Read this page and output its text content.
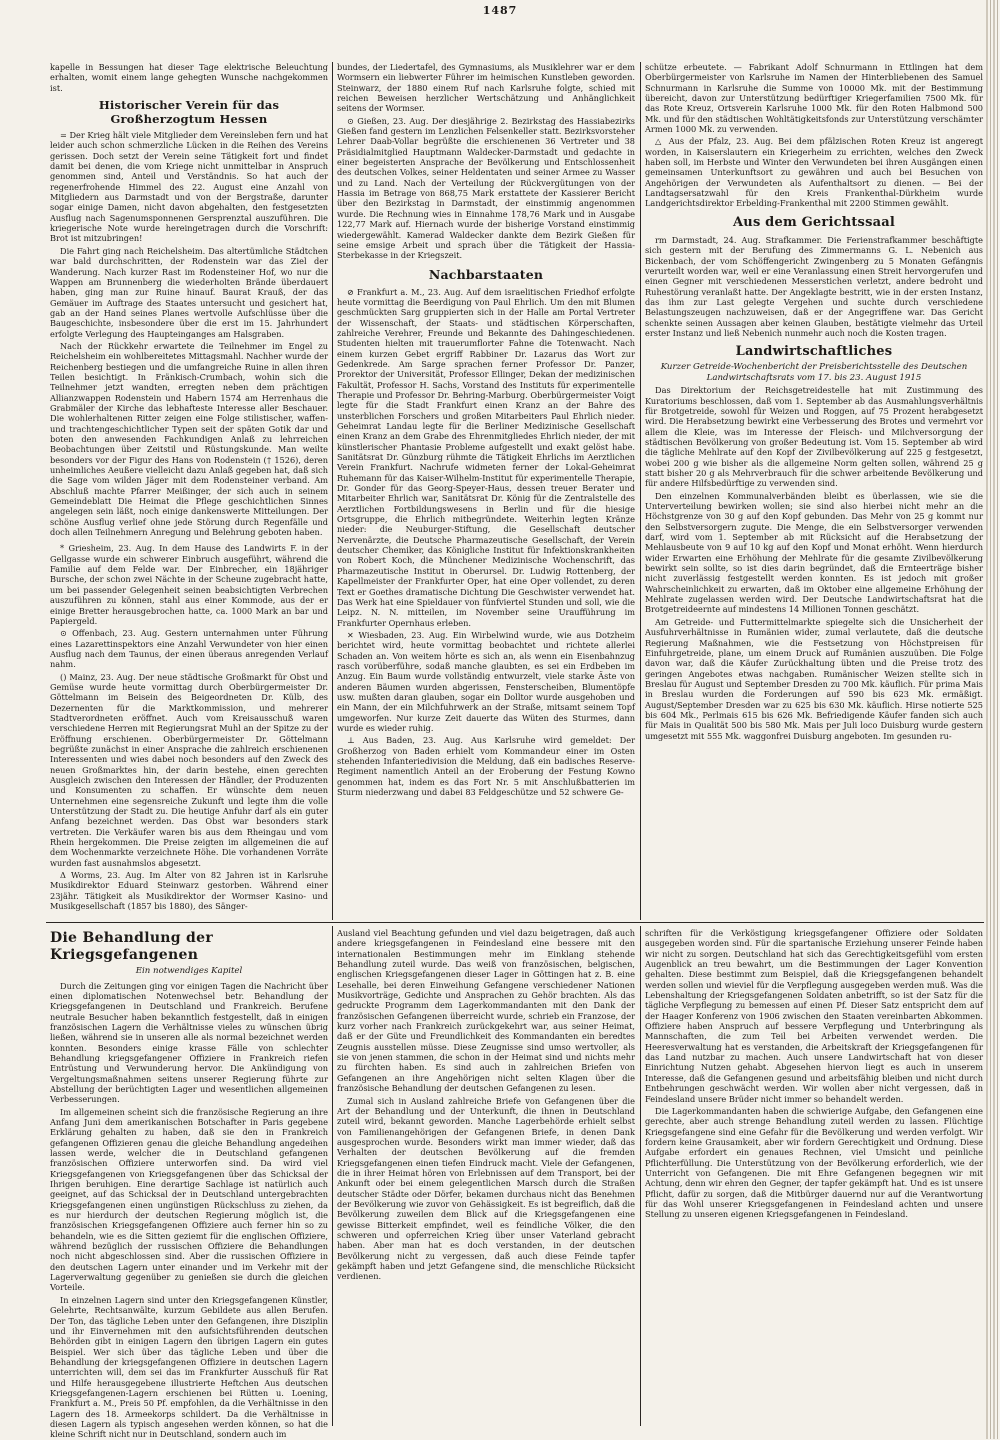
1487

kapelle in Bessungen hat dieser Tage elektrische Beleuchtung erhalten, womit einem lange gehegten Wunsche nachgekommen ist.

Historischer Verein für das Großherzogtum Hessen

= Der Krieg hält viele Mitglieder dem Vereinsleben fern und hat leider auch schon schmerzliche Lücken in die Reihen des Vereins gerissen. Doch setzt der Verein seine Tätigkeit fort und findet damit bei denen, die vom Kriege nicht unmittelbar in Anspruch genommen sind, Anteil und Verständnis. So hat auch der regenerfrohende Himmel des 22. August eine Anzahl von Mitgliedern aus Darmstadt und von der Bergstraße, darunter sogar einige Damen, nicht davon abgehalten, den festgesetzten Ausflug nach Sagenumsponnenen Gersprenztal auszuführen. Die kriegerische Note wurde hereingetragen durch die Vorschrift: Brot ist mitzubringen!

Die Fahrt ging nach Reichelsheim. Das altertümliche Städtchen war bald durchschritten, der Rodenstein war das Ziel der Wanderung. Nach kurzer Rast im Rodensteiner Hof, wo nur die Wappen am Brunnenberg die wiederholten Brände überdauert haben, ging man zur Ruine hinauf. Baurat Krauß, der das Gemäuer im Auftrage des Staates untersucht und gesichert hat, gab an der Hand seines Planes wertvolle Aufschlüsse über die Baugeschichte, insbesondere über die erst im 15. Jahrhundert erfolgte Verlegung des Haupteinganges am Halsgraben.

Nach der Rückkehr erwartete die Teilnehmer im Engel zu Reichelsheim ein wohlbereitetes Mittagsmahl. Nachher wurde der Reichenberg bestiegen und die umfangreiche Ruine in allen ihren Teilen besichtigt. In Fränkisch-Crumbach, wohin sich die Teilnehmer jetzt wandten, erregten neben dem prächtigen Allianzwappen Rodenstein und Habern 1574 am Herrenhaus die Grabmäler der Kirche das lebhafteste Interesse aller Beschauer. Die wohlerhaltenen Ritter zeigen eine Folge stilistischer, waffen- und trachtengeschichtlicher Typen seit der späten Gotik dar und boten den anwesenden Fachkundigen Anlaß zu lehrreichen Beobachtungen über Zeitstil und Rüstungskunde. Man weilte besonders vor der Figur des Hans von Rodenstein († 1526), deren unheimliches Aeußere vielleicht dazu Anlaß gegeben hat, daß sich die Sage vom wilden Jäger mit dem Rodensteiner verband. Am Abschluß machte Pfarrer Meißinger, der sich auch in seinem Gemeindeblatt Die Heimat die Pflege geschichtlichen Sinnes angelegen sein läßt, noch einige dankenswerte Mitteilungen. Der schöne Ausflug verlief ohne jede Störung durch Regenfälle und doch allen Teilnehmern Anregung und Belehrung geboten haben.

* Griesheim, 23. Aug. In dem Hause des Landwirts F. in der Gellgasse wurde ein schwerer Einbruch ausgeführt, während die Familie auf dem Felde war. Der Einbrecher, ein 18jähriger Bursche, der schon zwei Nächte in der Scheune zugebracht hatte, um bei passender Gelegenheit seinen beabsichtigten Verbrechen auszuführen zu können, stahl aus einer Kommode, aus der er einige Bretter herausgebrochen hatte, ca. 1000 Mark an bar und Papiergeld.

⊙ Offenbach, 23. Aug. Gestern unternahmen unter Führung eines Lazarettinspektors eine Anzahl Verwundeter von hier einen Ausflug nach dem Taunus, der einen überaus anregenden Verlauf nahm.

() Mainz, 23. Aug. Der neue städtische Großmarkt für Obst und Gemüse wurde heute vormittag durch Oberbürgermeister Dr. Göttelmann im Beisein des Beigeordneten Dr. Külb, des Dezernenten für die Marktkommission, und mehrerer Stadtverordneten eröffnet. Auch vom Kreisausschuß waren verschiedene Herren mit Regierungsrat Muhl an der Spitze zu der Eröffnung erschienen. Oberbürgermeister Dr. Göttelmann begrüßte zunächst in einer Ansprache die zahlreich erschienenen Interessenten und wies dabei noch besonders auf den Zweck des neuen Großmarktes hin, der darin bestehe, einen gerechten Ausgleich zwischen den Interessen der Händler, der Produzenten und Konsumenten zu schaffen. Er wünschte dem neuen Unternehmen eine segensreiche Zukunft und legte ihm die volle Unterstützung der Stadt zu. Die heutige Anfuhr darf als ein guter Anfang bezeichnet werden. Das Obst war besonders stark vertreten. Die Verkäufer waren bis aus dem Rheingau und vom Rhein hergekommen. Die Preise zeigten im allgemeinen die auf dem Wochenmarkte verzeichnete Höhe. Die vorhandenen Vorräte wurden fast ausnahmslos abgesetzt.

Δ Worms, 23. Aug. Im Alter von 82 Jahren ist in Karlsruhe Musikdirektor Eduard Steinwarz gestorben. Während einer 23jähr. Tätigkeit als Musikdirektor der Wormser Kasino- und Musikgesellschaft (1857 bis 1880), des Sänger-

bundes, der Liedertafel, des Gymnasiums, als Musiklehrer war er dem Wormsern ein liebwerter Führer im heimischen Kunstleben geworden. Steinwarz, der 1880 einem Ruf nach Karlsruhe folgte, schied mit reichen Beweisen herzlicher Wertschätzung und Anhänglichkeit seitens der Wormser.

⊙ Gießen, 23. Aug. Der diesjährige 2. Bezirkstag des Hassiabezirks Gießen fand gestern im Lenzlichen Felsenkeller statt. Bezirksvorsteher Lehrer Daab-Vollar begrüßte die erschienenen 36 Vertreter und 38 Präsidialmitglied Hauptmann Waldecker-Darmstadt und gedachte in einer begeisterten Ansprache der Bevölkerung und Entschlossenheit des deutschen Volkes, seiner Heldentaten und seiner Armee zu Wasser und zu Land. Nach der Verteilung der Rückvergütungen von der Hassia im Betrage von 868,75 Mark erstattete der Kassierer Bericht über den Bezirkstag in Darmstadt, der einstimmig angenommen wurde. Die Rechnung wies in Einnahme 178,76 Mark und in Ausgabe 122,77 Mark auf. Hiernach wurde der bisherige Vorstand einstimmig wiedergewählt. Kamerad Waldecker dankte dem Bezirk Gießen für seine emsige Arbeit und sprach über die Tätigkeit der Hassia-Sterbekasse in der Kriegszeit.

Nachbarstaaten

⊘ Frankfurt a. M., 23. Aug. Auf dem israelitischen Friedhof erfolgte heute vormittag die Beerdigung von Paul Ehrlich. Um den mit Blumen geschmückten Sarg gruppierten sich in der Halle am Portal Vertreter der Wissenschaft, der Staats- und städtischen Körperschaften, zahlreiche Verehrer, Freunde und Bekannte des Dahingeschiedenen. Studenten hielten mit trauerumflorter Fahne die Totenwacht. Nach einem kurzen Gebet ergriff Rabbiner Dr. Lazarus das Wort zur Gedenkrede. Am Sarge sprachen ferner Professor Dr. Panzer, Prorektor der Universität, Professor Ellinger, Dekan der medizinischen Fakultät, Professor H. Sachs, Vorstand des Instituts für experimentelle Therapie und Professor Dr. Behring-Marburg. Oberbürgermeister Voigt legte für die Stadt Frankfurt einen Kranz an der Bahre des unsterblichen Forschers und großen Mitarbeiters Paul Ehrlich nieder. Geheimrat Landau legte für die Berliner Medizinische Gesellschaft einen Kranz an dem Grabe des Ehrenmitgliedes Ehrlich nieder, der mit künstlerischer Phantasie Probleme aufgestellt und exakt gelöst habe. Sanitätsrat Dr. Günzburg rühmte die Tätigkeit Ehrlichs im Aerztlichen Verein Frankfurt. Nachrufe widmeten ferner der Lokal-Geheimrat Ruhemann für das Kaiser-Wilhelm-Institut für experimentelle Therapie, Dr. Gonder für das Georg-Speyer-Haus, dessen treuer Berater und Mitarbeiter Ehrlich war, Sanitätsrat Dr. König für die Zentralstelle des Aerztlichen Fortbildungswesens in Berlin und für die hiesige Ortsgruppe, die Ehrlich mitbegründete. Weiterhin legten Kränze nieder: die Neuburger-Stiftung, die Gesellschaft deutscher Nervenärzte, die Deutsche Pharmazeutische Gesellschaft, der Verein deutscher Chemiker, das Königliche Institut für Infektionskrankheiten von Robert Koch, die Münchener Medizinische Wochenschrift, das Pharmazeutische Institut in Oberursel. Dr. Ludwig Rottenberg, der Kapellmeister der Frankfurter Oper, hat eine Oper vollendet, zu deren Text er Goethes dramatische Dichtung Die Geschwister verwendet hat. Das Werk hat eine Spieldauer von fünfviertel Stunden und soll, wie die Leipz. N. N. mitteilen, im November seine Uraufführung im Frankfurter Opernhaus erleben.

✕ Wiesbaden, 23. Aug. Ein Wirbelwind wurde, wie aus Dotzheim berichtet wird, heute vormittag beobachtet und richtete allerlei Schaden an. Von weitem hörte es sich an, als wenn ein Eisenbahnzug rasch vorüberführe, sodaß manche glaubten, es sei ein Erdbeben im Anzug. Ein Baum wurde vollständig entwurzelt, viele starke Äste von anderen Bäumen wurden abgerissen, Fensterscheiben, Blumentöpfe usw. mußten daran glauben, sogar ein Dolltor wurde ausgehoben und ein Mann, der ein Milchfuhrwerk an der Straße, mitsamt seinem Topf umgeworfen. Nur kurze Zeit dauerte das Wüten des Sturmes, dann wurde es wieder ruhig.

⊥ Aus Baden, 23. Aug. Aus Karlsruhe wird gemeldet: Der Großherzog von Baden erhielt vom Kommandeur einer im Osten stehenden Infanteriedivision die Meldung, daß ein badisches Reserve-Regiment namentlich Anteil an der Eroberung der Festung Kowno genommen hat, indem es das Fort Nr. 5 mit Anschlußbatterien im Sturm niederzwang und dabei 83 Feldgeschütze und 52 schwere Ge-

schütze erbeutete. — Fabrikant Adolf Schnurmann in Ettlingen hat dem Oberbürgermeister von Karlsruhe im Namen der Hinterbliebenen des Samuel Schnurmann in Karlsruhe die Summe von 10000 Mk. mit der Bestimmung übereicht, davon zur Unterstützung bedürftiger Kriegerfamilien 7500 Mk. für das Rote Kreuz, Ortsverein Karlsruhe 1000 Mk. für den Roten Halbmond 500 Mk. und für den städtischen Wohltätigkeitsfonds zur Unterstützung verschämter Armen 1000 Mk. zu verwenden.

△ Aus der Pfalz, 23. Aug. Bei dem pfälzischen Roten Kreuz ist angeregt worden, in Kaiserslautern ein Kriegerheim zu errichten, welches den Zweck haben soll, im Herbste und Winter den Verwundeten bei ihren Ausgängen einen gemeinsamen Unterkunftsort zu gewähren und auch bei Besuchen von Angehörigen der Verwundeten als Aufenthaltsort zu dienen. — Bei der Landtagsersatzwahl für den Kreis Frankenthal-Dürkheim wurde Landgerichtsdirektor Erbelding-Frankenthal mit 2200 Stimmen gewählt.

Aus dem Gerichtssaal

rm Darmstadt, 24. Aug. Strafkammer. Die Ferienstrafkammer beschäftigte sich gestern mit der Berufung des Zimmermanns G. L. Nebenich aus Bickenbach, der vom Schöffengericht Zwingenberg zu 5 Monaten Gefängnis verurteilt worden war, weil er eine Veranlassung einen Streit hervorgerufen und einen Gegner mit verschiedenen Messerstichen verletzt, andere bedroht und Ruhestörung veranlaßt hatte. Der Angeklagte bestritt, wie in der ersten Instanz, das ihm zur Last gelegte Vergehen und suchte durch verschiedene Belastungszeugen nachzuweisen, daß er der Angegriffene war. Das Gericht schenkte seinen Aussagen aber keinen Glauben, bestätigte vielmehr das Urteil erster Instanz und ließ Nebenich nunmehr auch noch die Kosten tragen.

Landwirtschaftliches
Kurzer Getreide-Wochenbericht der Preisberichtsstelle des Deutschen Landwirtschaftsrats vom 17. bis 23. August 1915

Das Direktorium der Reichsgetreidestelle hat mit Zustimmung des Kuratoriums beschlossen, daß vom 1. September ab das Ausmahlungsverhältnis für Brotgetreide, sowohl für Weizen und Roggen, auf 75 Prozent herabgesetzt wird. Die Herabsetzung bewirkt eine Verbesserung des Brotes und vermehrt vor allem die Kleie, was im Interesse der Fleisch- und Milchversorgung der städtischen Bevölkerung von großer Bedeutung ist. Vom 15. September ab wird die tägliche Mehlrate auf den Kopf der Zivilbevölkerung auf 225 g festgesetzt, wobei 200 g wie bisher als die allgemeine Norm gelten sollen, während 25 g statt bisher 20 g als Mehrverbrauch für die schwer arbeitende Bevölkerung und für andere Hilfsbedürftige zu verwenden sind.

Den einzelnen Kommunalverbänden bleibt es überlassen, wie sie die Unterverteilung bewirken wollen; sie sind also hierbei nicht mehr an die Höchstgrenze von 30 g auf den Kopf gebunden. Das Mehr von 25 g kommt nur den Selbstversorgern zugute. Die Menge, die ein Selbstversorger verwenden darf, wird vom 1. September ab mit Rücksicht auf die Herabsetzung der Mehlausbeute von 9 auf 10 kg auf den Kopf und Monat erhöht. Wenn hierdurch wider Erwarten eine Erhöhung der Mehlrate für die gesamte Zivilbevölkerung bewirkt sein sollte, so ist dies darin begründet, daß die Ernteerträge bisher nicht zuverlässig festgestellt werden konnten. Es ist jedoch mit großer Wahrscheinlichkeit zu erwarten, daß im Oktober eine allgemeine Erhöhung der Mehlrate zugelassen werden wird. Der Deutsche Landwirtschaftsrat hat die Brotgetreideernte auf mindestens 14 Millionen Tonnen geschätzt.

Am Getreide- und Futtermittelmarkte spiegelte sich die Unsicherheit der Ausfuhrverhältnisse in Rumänien wider, zumal verlautete, daß die deutsche Regierung Maßnahmen, wie die Festsetzung von Höchstpreisen für Einfuhrgetreide, plane, um einem Druck auf Rumänien auszuüben. Die Folge davon war, daß die Käufer Zurückhaltung übten und die Preise trotz des geringen Angebotes etwas nachgaben. Rumänischer Weizen stellte sich in Breslau für August und September Dresden zu 700 Mk. käuflich. Für prima Mais in Breslau wurden die Forderungen auf 590 bis 623 Mk. ermäßigt. August/September Dresden war zu 625 bis 630 Mk. käuflich. Hirse notierte 525 bis 604 Mk., Perlmais 615 bis 626 Mk. Befriedigende Käufer fanden sich auch für Mais in Qualität 500 bis 580 Mk. Mais per Juli loco Duisburg wurde gestern umgesetzt mit 555 Mk. waggonfrei Duisburg angeboten. Im gesunden ru-

Die Behandlung der Kriegsgefangenen
Ein notwendiges Kapitel

Durch die Zeitungen ging vor einigen Tagen die Nachricht über einen diplomatischen Notenwechsel betr. Behandlung der Kriegsgefangenen in Deutschland und Frankreich. Berufene neutrale Besucher haben bekanntlich festgestellt, daß in einigen französischen Lagern die Verhältnisse vieles zu wünschen übrig ließen, während sie in unseren alle als normal bezeichnet werden konnten. Besonders einige krasse Fälle von schlechter Behandlung kriegsgefangener Offiziere in Frankreich riefen Entrüstung und Verwunderung hervor. Die Ankündigung von Vergeltungsmaßnahmen seitens unserer Regierung führte zur Abstellung der berüchtigten Lager und wesentlichen allgemeinen Verbesserungen.

Im allgemeinen scheint sich die französische Regierung an ihre Anfang Juni dem amerikanischen Botschafter in Paris gegebene Erklärung gehalten zu haben, daß sie den in Frankreich gefangenen Offizieren genau die gleiche Behandlung angedeihen lassen werde, welcher die in Deutschland gefangenen französischen Offiziere unterworfen sind. Da wird viel Kriegsgefangenen von Kriegsgefangenen über das Schicksal der Ihrigen beruhigen. Eine derartige Sachlage ist natürlich auch geeignet, auf das Schicksal der in Deutschland untergebrachten Kriegsgefangenen einen ungünstigen Rückschluss zu ziehen, da es nur hierdurch der deutschen Regierung möglich ist, die französischen Kriegsgefangenen Offiziere auch ferner hin so zu behandeln, wie es die Sitten geziemt für die englischen Offiziere, während bezüglich der russischen Offiziere die Behandlungen noch nicht abgeschlossen sind. Aber die russischen Offiziere in den deutschen Lagern unter einander und im Verkehr mit der Lagerverwaltung gegenüber zu genießen sie durch die gleichen Vorteile.

In einzelnen Lagern sind unter den Kriegsgefangenen Künstler, Gelehrte, Rechtsanwälte, kurzum Gebildete aus allen Berufen. Der Ton, das tägliche Leben unter den Gefangenen, ihre Disziplin und ihr Einvernehmen mit den aufsichtsführenden deutschen Behörden gibt in einigen Lagern den übrigen Lagern ein gutes Beispiel. Wer sich über das tägliche Leben und über die Behandlung der kriegsgefangenen Offiziere in deutschen Lagern unterrichten will, dem sei das im Frankfurter Ausschuß für Rat und Hilfe herausgegebene illustrierte Heftchen Aus deutschen Kriegsgefangenen-Lagern erschienen bei Rütten u. Loening, Frankfurt a. M., Preis 50 Pf. empfohlen, da die Verhältnisse in den Lagern des 18. Armeekorps schildert. Da die Verhältnisse in diesen Lagern als typisch angesehen werden können, so hat die kleine Schrift nicht nur in Deutschland, sondern auch im

Ausland viel Beachtung gefunden und viel dazu beigetragen, daß auch andere kriegsgefangenen in Feindesland eine bessere mit den internationalen Bestimmungen mehr im Einklang stehende Behandlung zuteil wurde. Das weiß von französischen, belgischen, englischen Kriegsgefangenen dieser Lager in Göttingen hat z. B. eine Lesehalle, bei deren Einweihung Gefangene verschiedener Nationen Musikvorträge, Gedichte und Ansprachen zu Gehör brachten. Als das gedruckte Programm dem Lagerkommandanten mit den Dank der französischen Gefangenen überreicht wurde, schrieb ein Franzose, der kurz vorher nach Frankreich zurückgekehrt war, aus seiner Heimat, daß er der Güte und Freundlichkeit des Kommandanten ein beredtes Zeugnis ausstellen müsse. Diese Zeugnisse sind umso wertvoller, als sie von jenen stammen, die schon in der Heimat sind und nichts mehr zu fürchten haben. Es sind auch in zahlreichen Briefen von Gefangenen an ihre Angehörigen nicht selten Klagen über die französische Behandlung der deutschen Gefangenen zu lesen.

Zumal sich in Ausland zahlreiche Briefe von Gefangenen über die Art der Behandlung und der Unterkunft, die ihnen in Deutschland zuteil wird, bekannt geworden. Manche Lagerbehörde erhielt selbst von Familienangehörigen der Gefangenen Briefe, in denen Dank ausgesprochen wurde. Besonders wirkt man immer wieder, daß das Verhalten der deutschen Bevölkerung auf die fremden Kriegsgefangenen einen tiefen Eindruck macht. Viele der Gefangenen, die in ihrer Heimat hören von Erlebnissen auf dem Transport, bei der Ankunft oder bei einem gelegentlichen Marsch durch die Straßen deutscher Städte oder Dörfer, bekamen durchaus nicht das Benehmen der Bevölkerung wie zuvor von Gehässigkeit. Es ist begreiflich, daß die Bevölkerung zuweilen dem Blick auf die Kriegsgefangenen eine gewisse Bitterkeit empfindet, weil es feindliche Völker, die den schweren und opferreichen Krieg über unser Vaterland gebracht haben. Aber man hat es doch verstanden, in der deutschen Bevölkerung nicht zu vergessen, daß auch diese Feinde tapfer gekämpft haben und jetzt Gefangene sind, die menschliche Rücksicht verdienen.

schriften für die Verköstigung kriegsgefangener Offiziere oder Soldaten ausgegeben worden sind. Für die spartanische Erziehung unserer Feinde haben wir nicht zu sorgen. Deutschland hat sich das Gerechtigkeitsgefühl vom ersten Augenblick an treu bewahrt, um die Bestimmungen der Lager Konvention gehalten. Diese bestimmt zum Beispiel, daß die Kriegsgefangenen behandelt werden sollen und wieviel für die Verpflegung ausgegeben werden muß. Was die Lebenshaltung der Kriegsgefangenen Soldaten anbetrifft, so ist der Satz für die tägliche Verpflegung zu bemessen auf einen Pf. Dieser Satz entspricht dem auf der Haager Konferenz von 1906 zwischen den Staaten vereinbarten Abkommen. Offiziere haben Anspruch auf bessere Verpflegung und Unterbringung als Mannschaften, die zum Teil bei Arbeiten verwendet werden. Die Heeresverwaltung hat es verstanden, die Arbeitskraft der Kriegsgefangenen für das Land nutzbar zu machen. Auch unsere Landwirtschaft hat von dieser Einrichtung Nutzen gehabt. Abgesehen hiervon liegt es auch in unserem Interesse, daß die Gefangenen gesund und arbeitsfähig bleiben und nicht durch Entbehrungen geschwächt werden. Wir wollen aber nicht vergessen, daß in Feindesland unsere Brüder nicht immer so behandelt werden.

Die Lagerkommandanten haben die schwierige Aufgabe, den Gefangenen eine gerechte, aber auch strenge Behandlung zuteil werden zu lassen. Flüchtige Kriegsgefangene sind eine Gefahr für die Bevölkerung und werden verfolgt. Wir fordern keine Grausamkeit, aber wir fordern Gerechtigkeit und Ordnung. Diese Aufgabe erfordert ein genaues Rechnen, viel Umsicht und peinliche Pflichterfüllung. Die Unterstützung von der Bevölkerung erforderlich, wie der Unterricht von Gefangenen. Die mit Ehre Gefangenen begegnen wir mit Achtung, denn wir ehren den Gegner, der tapfer gekämpft hat. Und es ist unsere Pflicht, dafür zu sorgen, daß die Mitbürger dauernd nur auf die Verantwortung für das Wohl unserer Kriegsgefangenen in Feindesland achten und unsere Stellung zu unseren eigenen Kriegsgefangenen in Feindesland.
